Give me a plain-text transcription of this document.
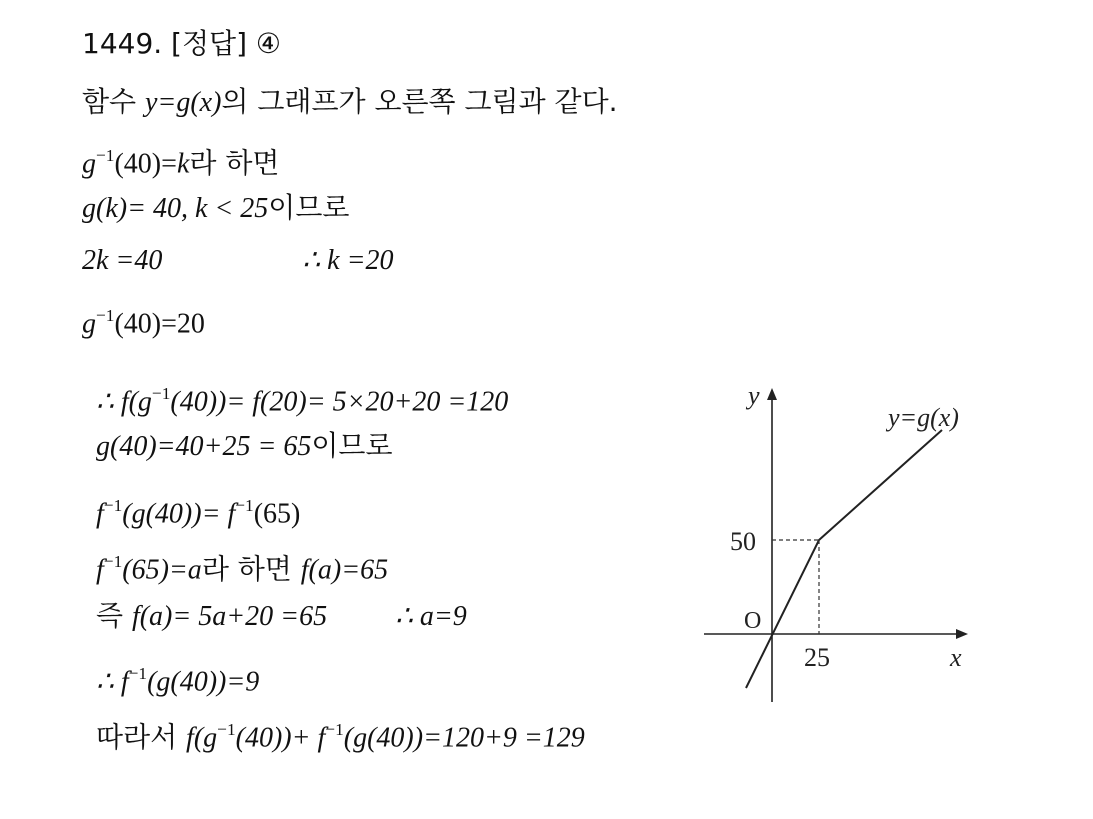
1449. [정답] ④
함수 y=g(x)의 그래프가 오른쪽 그림과 같다.
$g^{-1}(40)=k$라 하면
g(k)= 40, k < 25이므로
2k =40	∴ k =20
$g^{-1}(40)=20$
∴ $f(g^{-1}(40))= f(20)= 5\times 20+20 =120$
g(40)=40+25 = 65이므로
$f^{-1}(g(40))= f^{-1}(65)$
$f^{-1}(65)=a$라 하면 f(a)=65
즉 f(a)= 5a+20 =65 ∴ a=9
∴ $f^{-1}(g(40))=9$
따라서 $f(g^{-1}(40))+ f^{-1}(g(40))=120+9 =129$
y
x
O
y=g(x)
50
25
